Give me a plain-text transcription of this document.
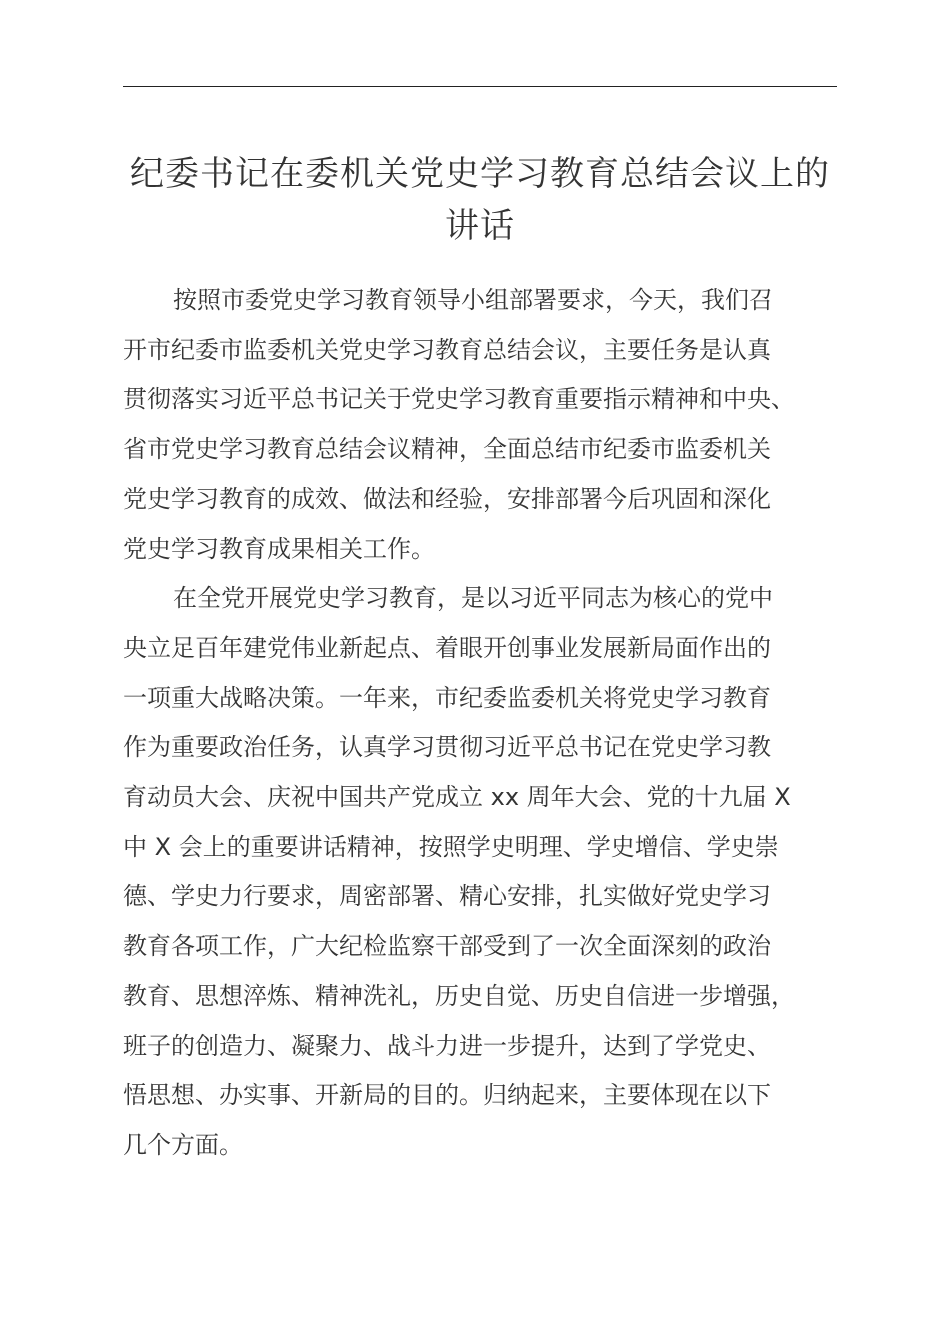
纪委书记在委机关党史学习教育总结会议上的
讲话

按照市委党史学习教育领导小组部署要求，今天，我们召
开市纪委市监委机关党史学习教育总结会议，主要任务是认真
贯彻落实习近平总书记关于党史学习教育重要指示精神和中央、
省市党史学习教育总结会议精神，全面总结市纪委市监委机关
党史学习教育的成效、做法和经验，安排部署今后巩固和深化
党史学习教育成果相关工作。

在全党开展党史学习教育，是以习近平同志为核心的党中
央立足百年建党伟业新起点、着眼开创事业发展新局面作出的
一项重大战略决策。一年来，市纪委监委机关将党史学习教育
作为重要政治任务，认真学习贯彻习近平总书记在党史学习教
育动员大会、庆祝中国共产党成立 xx 周年大会、党的十九届 X
中 X 会上的重要讲话精神，按照学史明理、学史增信、学史崇
德、学史力行要求，周密部署、精心安排，扎实做好党史学习
教育各项工作，广大纪检监察干部受到了一次全面深刻的政治
教育、思想淬炼、精神洗礼，历史自觉、历史自信进一步增强，
班子的创造力、凝聚力、战斗力进一步提升，达到了学党史、
悟思想、办实事、开新局的目的。归纳起来，主要体现在以下
几个方面。
